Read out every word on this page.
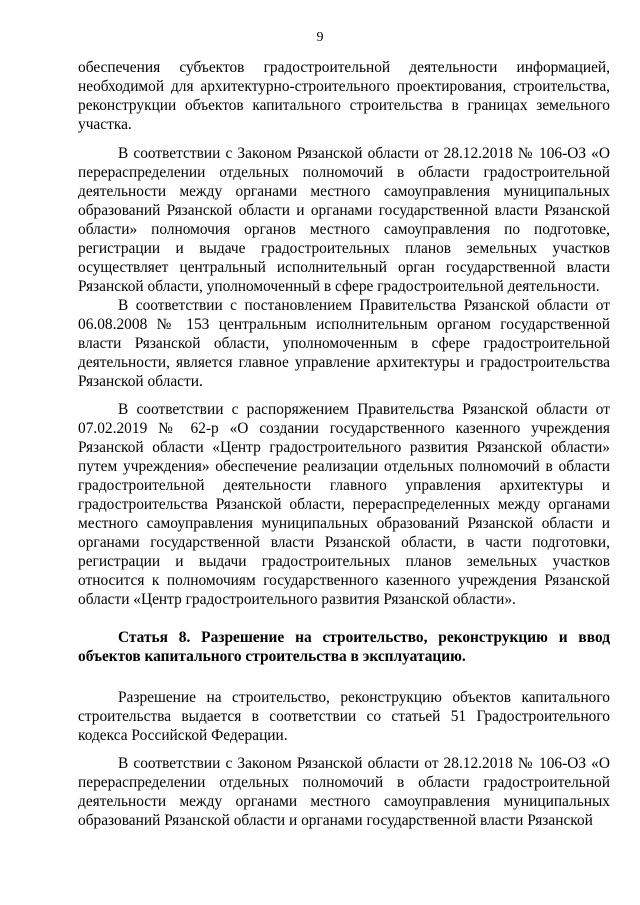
9

обеспечения субъектов градостроительной деятельности информацией, необходимой для архитектурно-строительного проектирования, строительства, реконструкции объектов капитального строительства в границах земельного участка.

В соответствии с Законом Рязанской области от 28.12.2018 № 106-ОЗ «О перераспределении отдельных полномочий в области градостроительной деятельности между органами местного самоуправления муниципальных образований Рязанской области и органами государственной власти Рязанской области» полномочия органов местного самоуправления по подготовке, регистрации и выдаче градостроительных планов земельных участков осуществляет центральный исполнительный орган государственной власти Рязанской области, уполномоченный в сфере градостроительной деятельности.

В соответствии с постановлением Правительства Рязанской области от 06.08.2008 № 153 центральным исполнительным органом государственной власти Рязанской области, уполномоченным в сфере градостроительной деятельности, является главное управление архитектуры и градостроительства Рязанской области.

В соответствии с распоряжением Правительства Рязанской области от 07.02.2019 № 62-р «О создании государственного казенного учреждения Рязанской области «Центр градостроительного развития Рязанской области» путем учреждения» обеспечение реализации отдельных полномочий в области градостроительной деятельности главного управления архитектуры и градостроительства Рязанской области, перераспределенных между органами местного самоуправления муниципальных образований Рязанской области и органами государственной власти Рязанской области, в части подготовки, регистрации и выдачи градостроительных планов земельных участков относится к полномочиям государственного казенного учреждения Рязанской области «Центр градостроительного развития Рязанской области».

Статья 8. Разрешение на строительство, реконструкцию и ввод объектов капитального строительства в эксплуатацию.

Разрешение на строительство, реконструкцию объектов капитального строительства выдается в соответствии со статьей 51 Градостроительного кодекса Российской Федерации.

В соответствии с Законом Рязанской области от 28.12.2018 № 106-ОЗ «О перераспределении отдельных полномочий в области градостроительной деятельности между органами местного самоуправления муниципальных образований Рязанской области и органами государственной власти Рязанской
